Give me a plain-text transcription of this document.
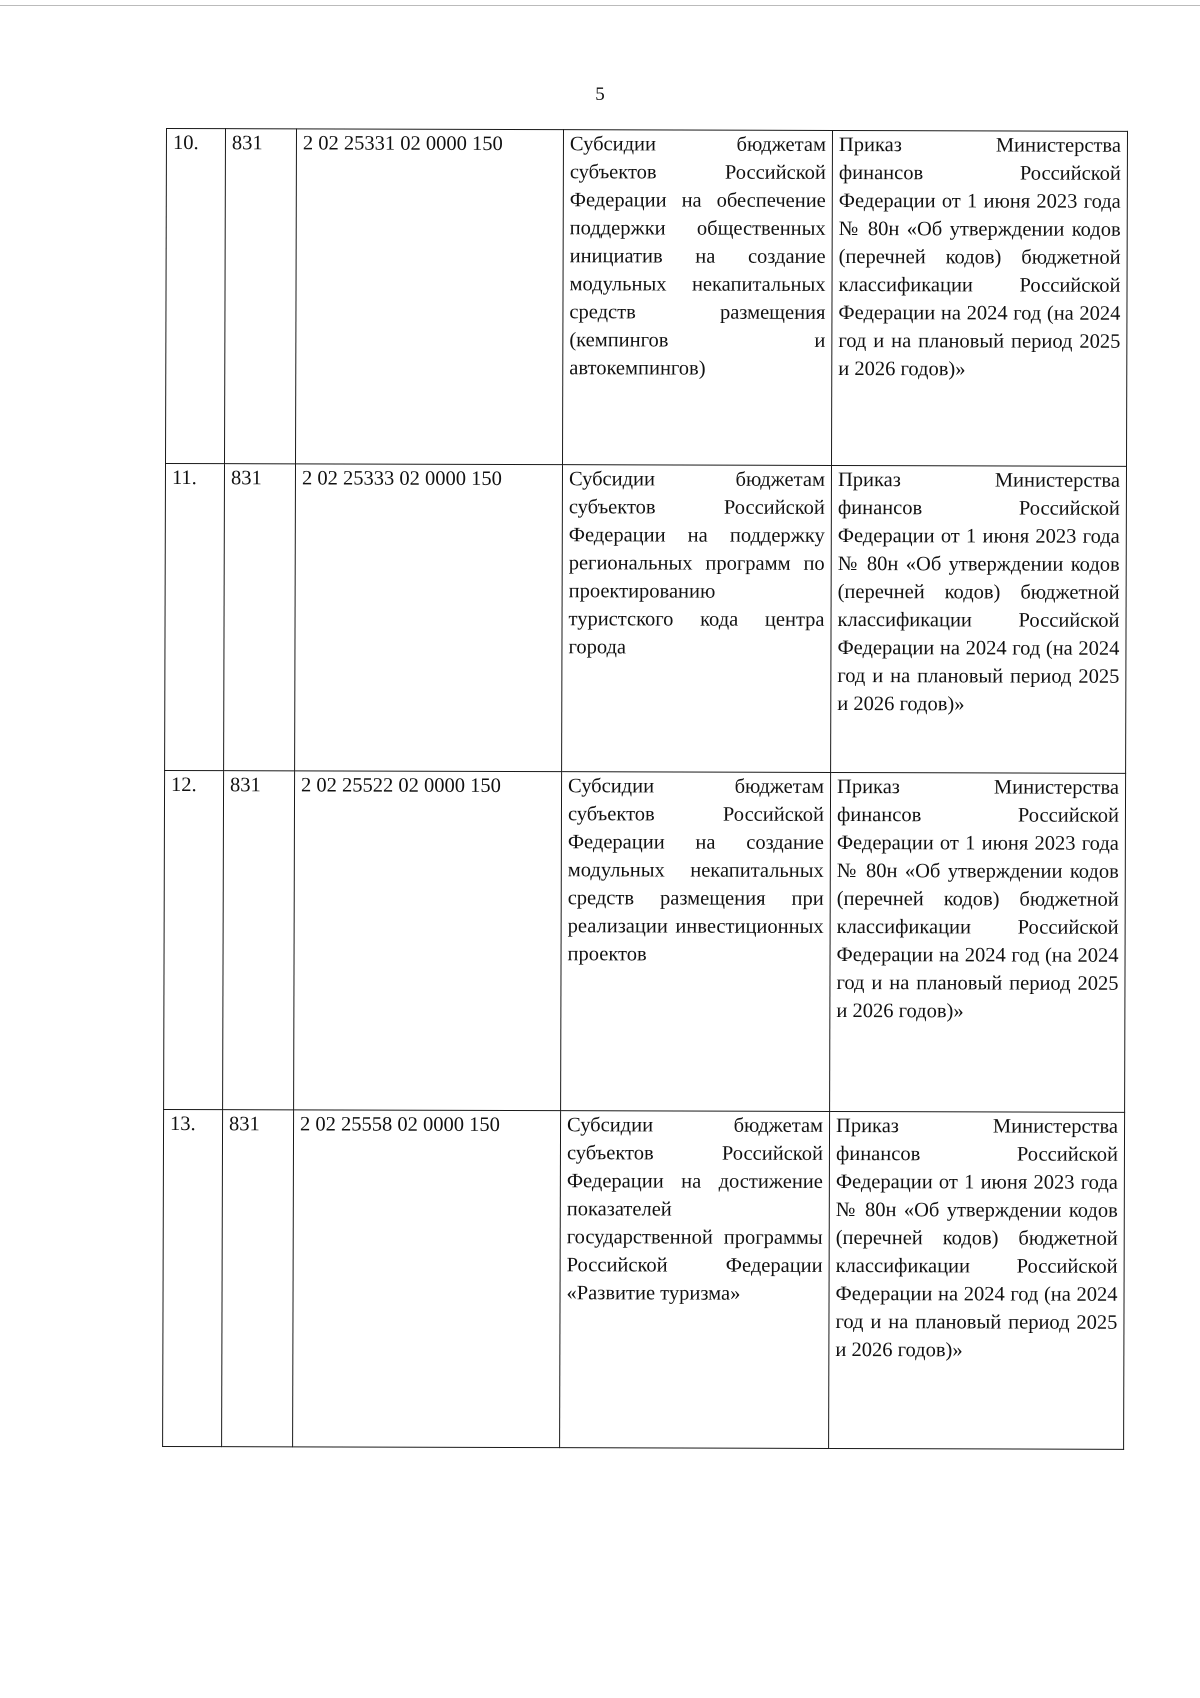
5
10.	831	2 02 25331 02 0000 150	Субсидии бюджетам субъектов Российской Федерации на обеспечение поддержки общественных инициатив на создание модульных некапитальных средств размещения (кемпингов и автокемпингов)	Приказ Министерства финансов Российской Федерации от 1 июня 2023 года № 80н «Об утверждении кодов (перечней кодов) бюджетной классификации Российской Федерации на 2024 год (на 2024 год и на плановый период 2025 и 2026 годов)»

11.	831	2 02 25333 02 0000 150	Субсидии бюджетам субъектов Российской Федерации на поддержку региональных программ по проектированию туристского кода центра города	Приказ Министерства финансов Российской Федерации от 1 июня 2023 года № 80н «Об утверждении кодов (перечней кодов) бюджетной классификации Российской Федерации на 2024 год (на 2024 год и на плановый период 2025 и 2026 годов)»

12.	831	2 02 25522 02 0000 150	Субсидии бюджетам субъектов Российской Федерации на создание модульных некапитальных средств размещения при реализации инвестиционных проектов	Приказ Министерства финансов Российской Федерации от 1 июня 2023 года № 80н «Об утверждении кодов (перечней кодов) бюджетной классификации Российской Федерации на 2024 год (на 2024 год и на плановый период 2025 и 2026 годов)»

13.	831	2 02 25558 02 0000 150	Субсидии бюджетам субъектов Российской Федерации на достижение показателей государственной программы Российской Федерации «Развитие туризма»	Приказ Министерства финансов Российской Федерации от 1 июня 2023 года № 80н «Об утверждении кодов (перечней кодов) бюджетной классификации Российской Федерации на 2024 год (на 2024 год и на плановый период 2025 и 2026 годов)»
